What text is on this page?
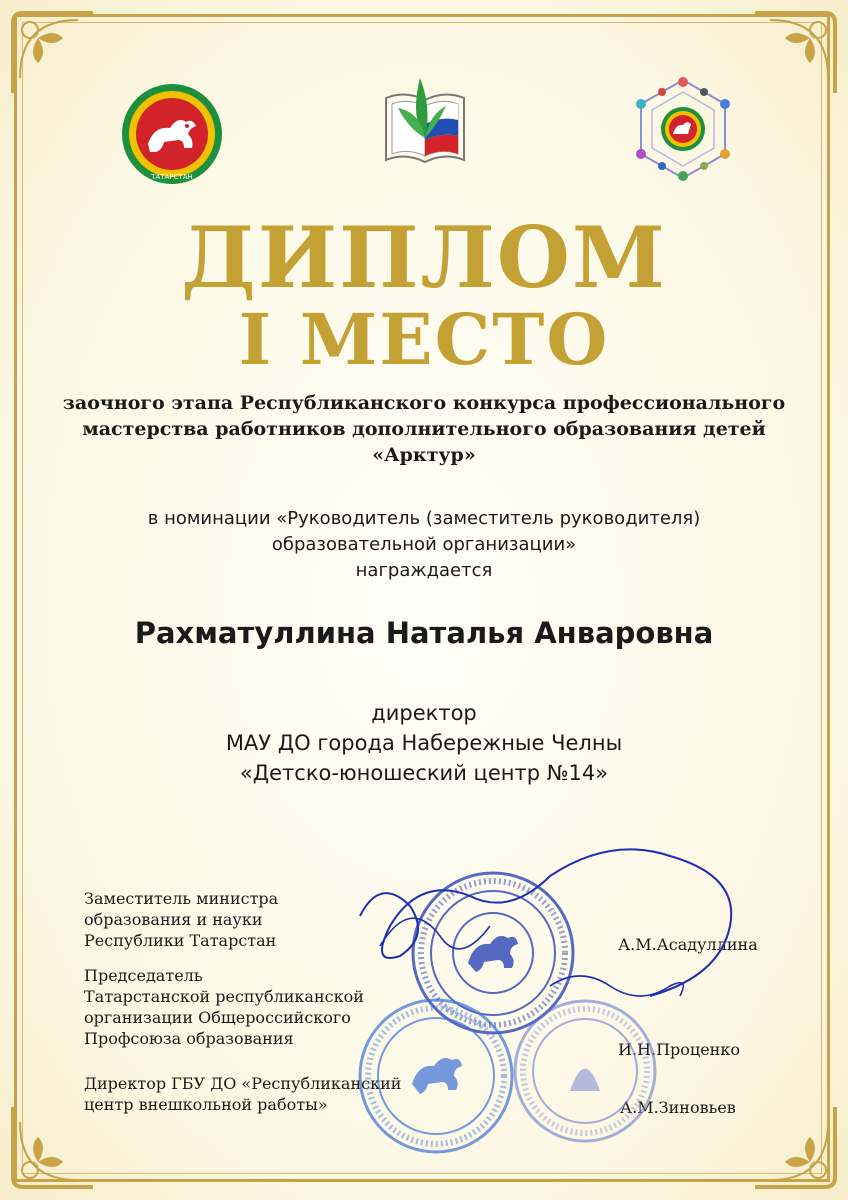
ТАТАРСТАН
ДИПЛОМ
I МЕСТО
заочного этапа Республиканского конкурса профессионального
мастерства работников дополнительного образования детей
«Арктур»
в номинации «Руководитель (заместитель руководителя)
образовательной организации»
награждается
Рахматуллина Наталья Анваровна
директор
МАУ ДО города Набережные Челны
«Детско-юношеский центр №14»
Заместитель министра
образования и науки
Республики Татарстан	А.М.Асадуллина
Председатель
Татарстанской республиканской
организации Общероссийского
Профсоюза образования
И.Н.Проценко
Директор ГБУ ДО «Республиканский
центр внешкольной работы»	А.М.Зиновьев
